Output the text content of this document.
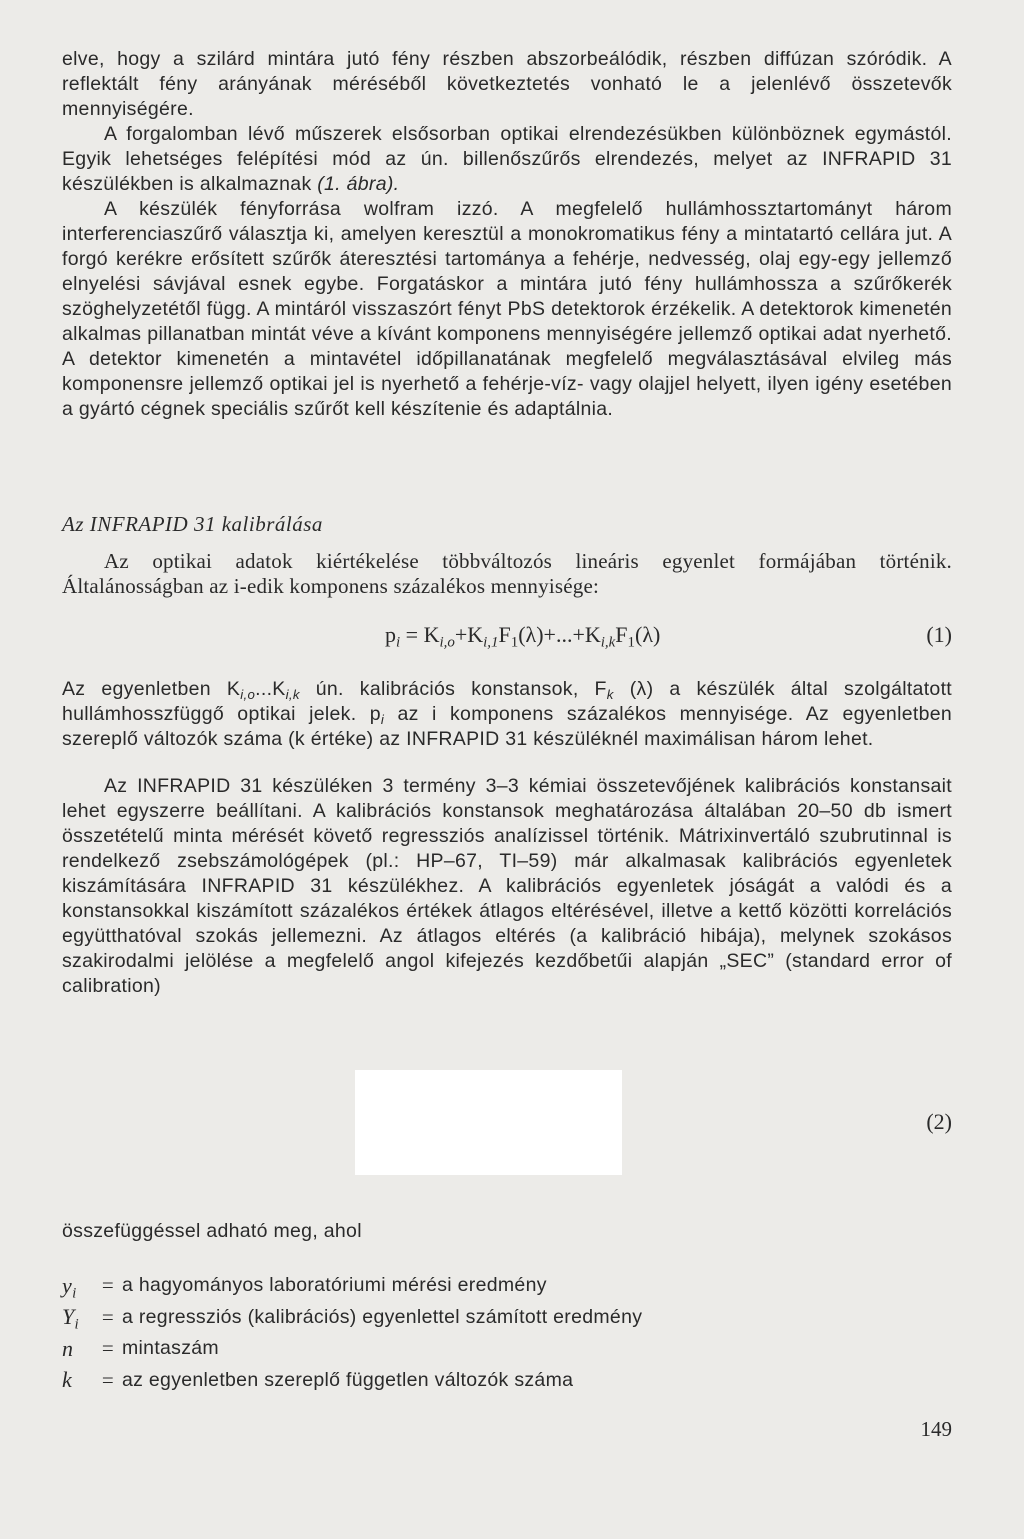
elve, hogy a szilárd mintára jutó fény részben abszorbeálódik, részben diffúzan szóródik. A reflektált fény arányának méréséből következtetés vonható le a jelenlévő összetevők mennyiségére.

A forgalomban lévő műszerek elsősorban optikai elrendezésükben különböznek egymástól. Egyik lehetséges felépítési mód az ún. billenőszűrős elrendezés, melyet az INFRAPID 31 készülékben is alkalmaznak (1. ábra).

A készülék fényforrása wolfram izzó. A megfelelő hullámhossztartományt három interferenciaszűrő választja ki, amelyen keresztül a monokromatikus fény a mintatartó cellára jut. A forgó kerékre erősített szűrők áteresztési tartománya a fehérje, nedvesség, olaj egy-egy jellemző elnyelési sávjával esnek egybe. Forgatáskor a mintára jutó fény hullámhossza a szűrőkerék szöghelyzetétől függ. A mintáról visszaszórt fényt PbS detektorok érzékelik. A detektorok kimenetén alkalmas pillanatban mintát véve a kívánt komponens mennyiségére jellemző optikai adat nyerhető. A detektor kimenetén a mintavétel időpillanatának megfelelő megválasztásával elvileg más komponensre jellemző optikai jel is nyerhető a fehérje-víz- vagy olajjel helyett, ilyen igény esetében a gyártó cégnek speciális szűrőt kell készítenie és adaptálnia.

Az INFRAPID 31 kalibrálása

Az optikai adatok kiértékelése többváltozós lineáris egyenlet formájában történik. Általánosságban az i-edik komponens százalékos mennyisége:

$p_i = K_{i,o}+K_{i,1}F_1(\lambda)+...+K_{i,k}F_1(\lambda)$	(1)

Az egyenletben $K_{i,o}...K_{i,k}$ ún. kalibrációs konstansok, $F_k$ (λ) a készülék által szolgáltatott hullámhosszfüggő optikai jelek. $p_i$ az i komponens százalékos mennyisége. Az egyenletben szereplő változók száma (k értéke) az INFRAPID 31 készüléknél maximálisan három lehet.

Az INFRAPID 31 készüléken 3 termény 3–3 kémiai összetevőjének kalibrációs konstansait lehet egyszerre beállítani. A kalibrációs konstansok meghatározása általában 20–50 db ismert összetételű minta mérését követő regressziós analízissel történik. Mátrixinvertáló szubrutinnal is rendelkező zsebszámológépek (pl.: HP–67, TI–59) már alkalmasak kalibrációs egyenletek kiszámítására INFRAPID 31 készülékhez. A kalibrációs egyenletek jóságát a valódi és a konstansokkal kiszámított százalékos értékek átlagos eltérésével, illetve a kettő közötti korrelációs együtthatóval szokás jellemezni. Az átlagos eltérés (a kalibráció hibája), melynek szokásos szakirodalmi jelölése a megfelelő angol kifejezés kezdőbetűi alapján „SEC” (standard error of calibration)

(2)

összefüggéssel adható meg, ahol

$y_i$	= a hagyományos laboratóriumi mérési eredmény
$Y_i$	= a regressziós (kalibrációs) egyenlettel számított eredmény
n	= mintaszám
k	= az egyenletben szereplő független változók száma
149
